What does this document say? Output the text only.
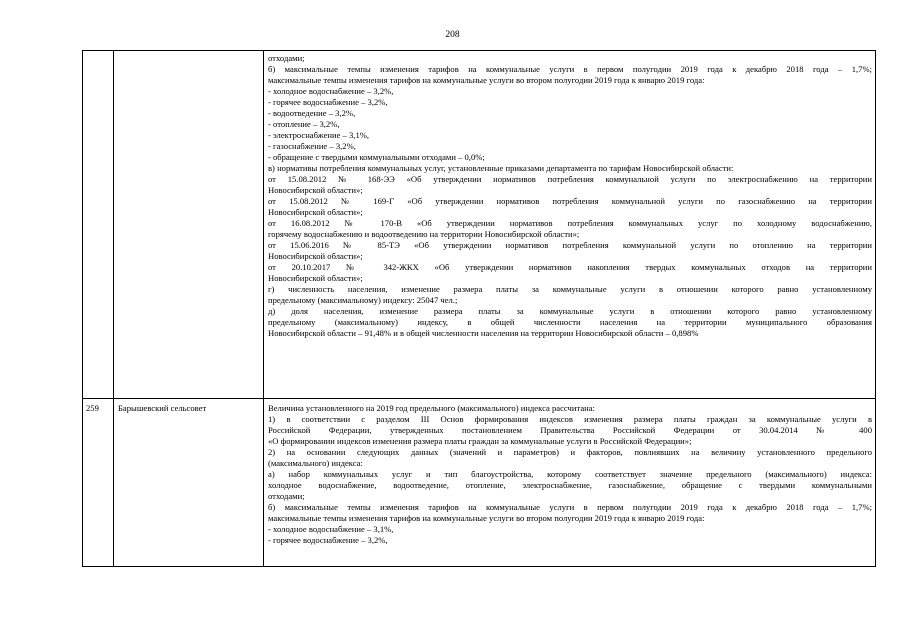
208
отходами;
б) максимальные темпы изменения тарифов на коммунальные услуги в первом полугодии 2019 года к декабрю 2018 года – 1,7%;
максимальные темпы изменения тарифов на коммунальные услуги во втором полугодии 2019 года к январю 2019 года:
- холодное водоснабжение – 3,2%,
- горячее водоснабжение – 3,2%,
- водоотведение – 3,2%,
- отопление – 3,2%,
- электроснабжение – 3,1%,
- газоснабжение – 3,2%,
- обращение с твердыми коммунальными отходами – 0,0%;
в) нормативы потребления коммунальных услуг, установленные приказами департамента по тарифам Новосибирской области:
от 15.08.2012 № 168-ЭЭ «Об утверждении нормативов потребления коммунальной услуги по электроснабжению на территории
Новосибирской области»;
от 15.08.2012 № 169-Г «Об утверждении нормативов потребления коммунальной услуги по газоснабжению на территории
Новосибирской области»;
от 16.08.2012 № 170-В «Об утверждении нормативов потребления коммунальных услуг по холодному водоснабжению,
горячему водоснабжению и водоотведению на территории Новосибирской области»;
от 15.06.2016 № 85-ТЭ «Об утверждении нормативов потребления коммунальной услуги по отоплению на территории
Новосибирской области»;
от 20.10.2017 № 342-ЖКХ «Об утверждении нормативов накопления твердых коммунальных отходов на территории
Новосибирской области»;
г) численность населения, изменение размера платы за коммунальные услуги в отношении которого равно установленному
предельному (максимальному) индексу: 25047 чел.;
д) доля населения, изменение размера платы за коммунальные услуги в отношении которого равно установленному
предельному (максимальному) индексу, в общей численности населения на территории муниципального образования
Новосибирской области – 91,48% и в общей численности населения на территории Новосибирской области – 0,898%
259	Барышевский сельсовет	Величина установленного на 2019 год предельного (максимального) индекса рассчитана:
1) в соответствии с разделом III Основ формирования индексов изменения размера платы граждан за коммунальные услуги в
Российской Федерации, утвержденных постановлением Правительства Российской Федерации от 30.04.2014 № 400
«О формировании индексов изменения размера платы граждан за коммунальные услуги в Российской Федерации»;
2) на основании следующих данных (значений и параметров) и факторов, повлиявших на величину установленного предельного
(максимального) индекса:
а) набор коммунальных услуг и тип благоустройства, которому соответствует значение предельного (максимального) индекса:
холодное водоснабжение, водоотведение, отопление, электроснабжение, газоснабжение, обращение с твердыми коммунальными
отходами;
б) максимальные темпы изменения тарифов на коммунальные услуги в первом полугодии 2019 года к декабрю 2018 года – 1,7%;
максимальные темпы изменения тарифов на коммунальные услуги во втором полугодии 2019 года к январю 2019 года:
- холодное водоснабжение – 3,1%,
- горячее водоснабжение – 3,2%,
